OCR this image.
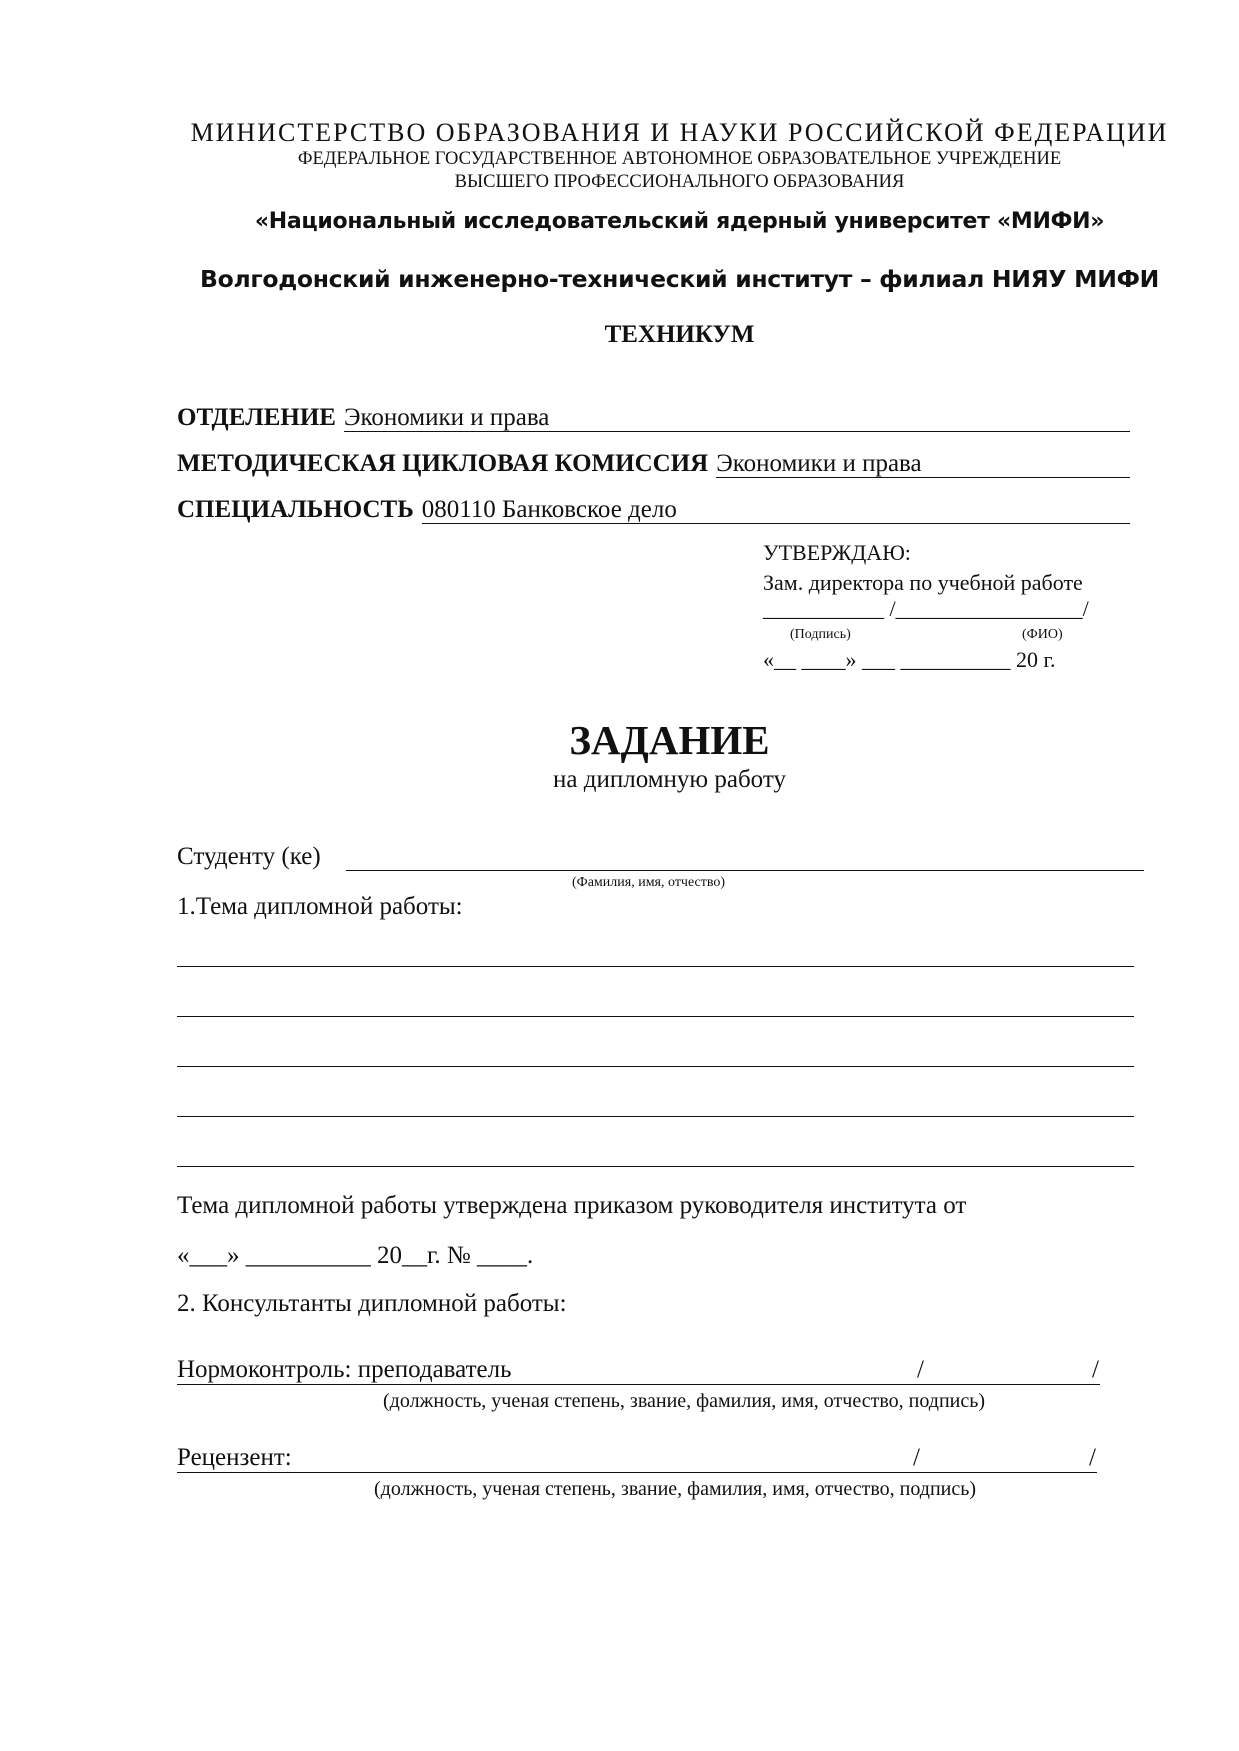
МИНИСТЕРСТВО ОБРАЗОВАНИЯ И НАУКИ РОССИЙСКОЙ ФЕДЕРАЦИИ
ФЕДЕРАЛЬНОЕ ГОСУДАРСТВЕННОЕ АВТОНОМНОЕ ОБРАЗОВАТЕЛЬНОЕ УЧРЕЖДЕНИЕ
ВЫСШЕГО ПРОФЕССИОНАЛЬНОГО ОБРАЗОВАНИЯ
«Национальный исследовательский ядерный университет «МИФИ»
Волгодонский инженерно-технический институт – филиал НИЯУ МИФИ
ТЕХНИКУМ
ОТДЕЛЕНИЕ Экономики и права
МЕТОДИЧЕСКАЯ ЦИКЛОВАЯ КОМИССИЯ Экономики и права
СПЕЦИАЛЬНОСТЬ 080110 Банковское дело
УТВЕРЖДАЮ:
Зам. директора по учебной работе
___________ /_________________/
(Подпись)	(ФИО)
«__ ____» ___ __________ 20 г.
ЗАДАНИЕ
на дипломную работу
Студенту (ке)
(Фамилия, имя, отчество)
1.Тема дипломной работы:
Тема дипломной работы утверждена приказом руководителя института от
«___» __________ 20__г. № ____.
2. Консультанты дипломной работы:
Нормоконтроль: преподаватель	/	/
(должность, ученая степень, звание, фамилия, имя, отчество, подпись)
Рецензент:	/	/
(должность, ученая степень, звание, фамилия, имя, отчество, подпись)
